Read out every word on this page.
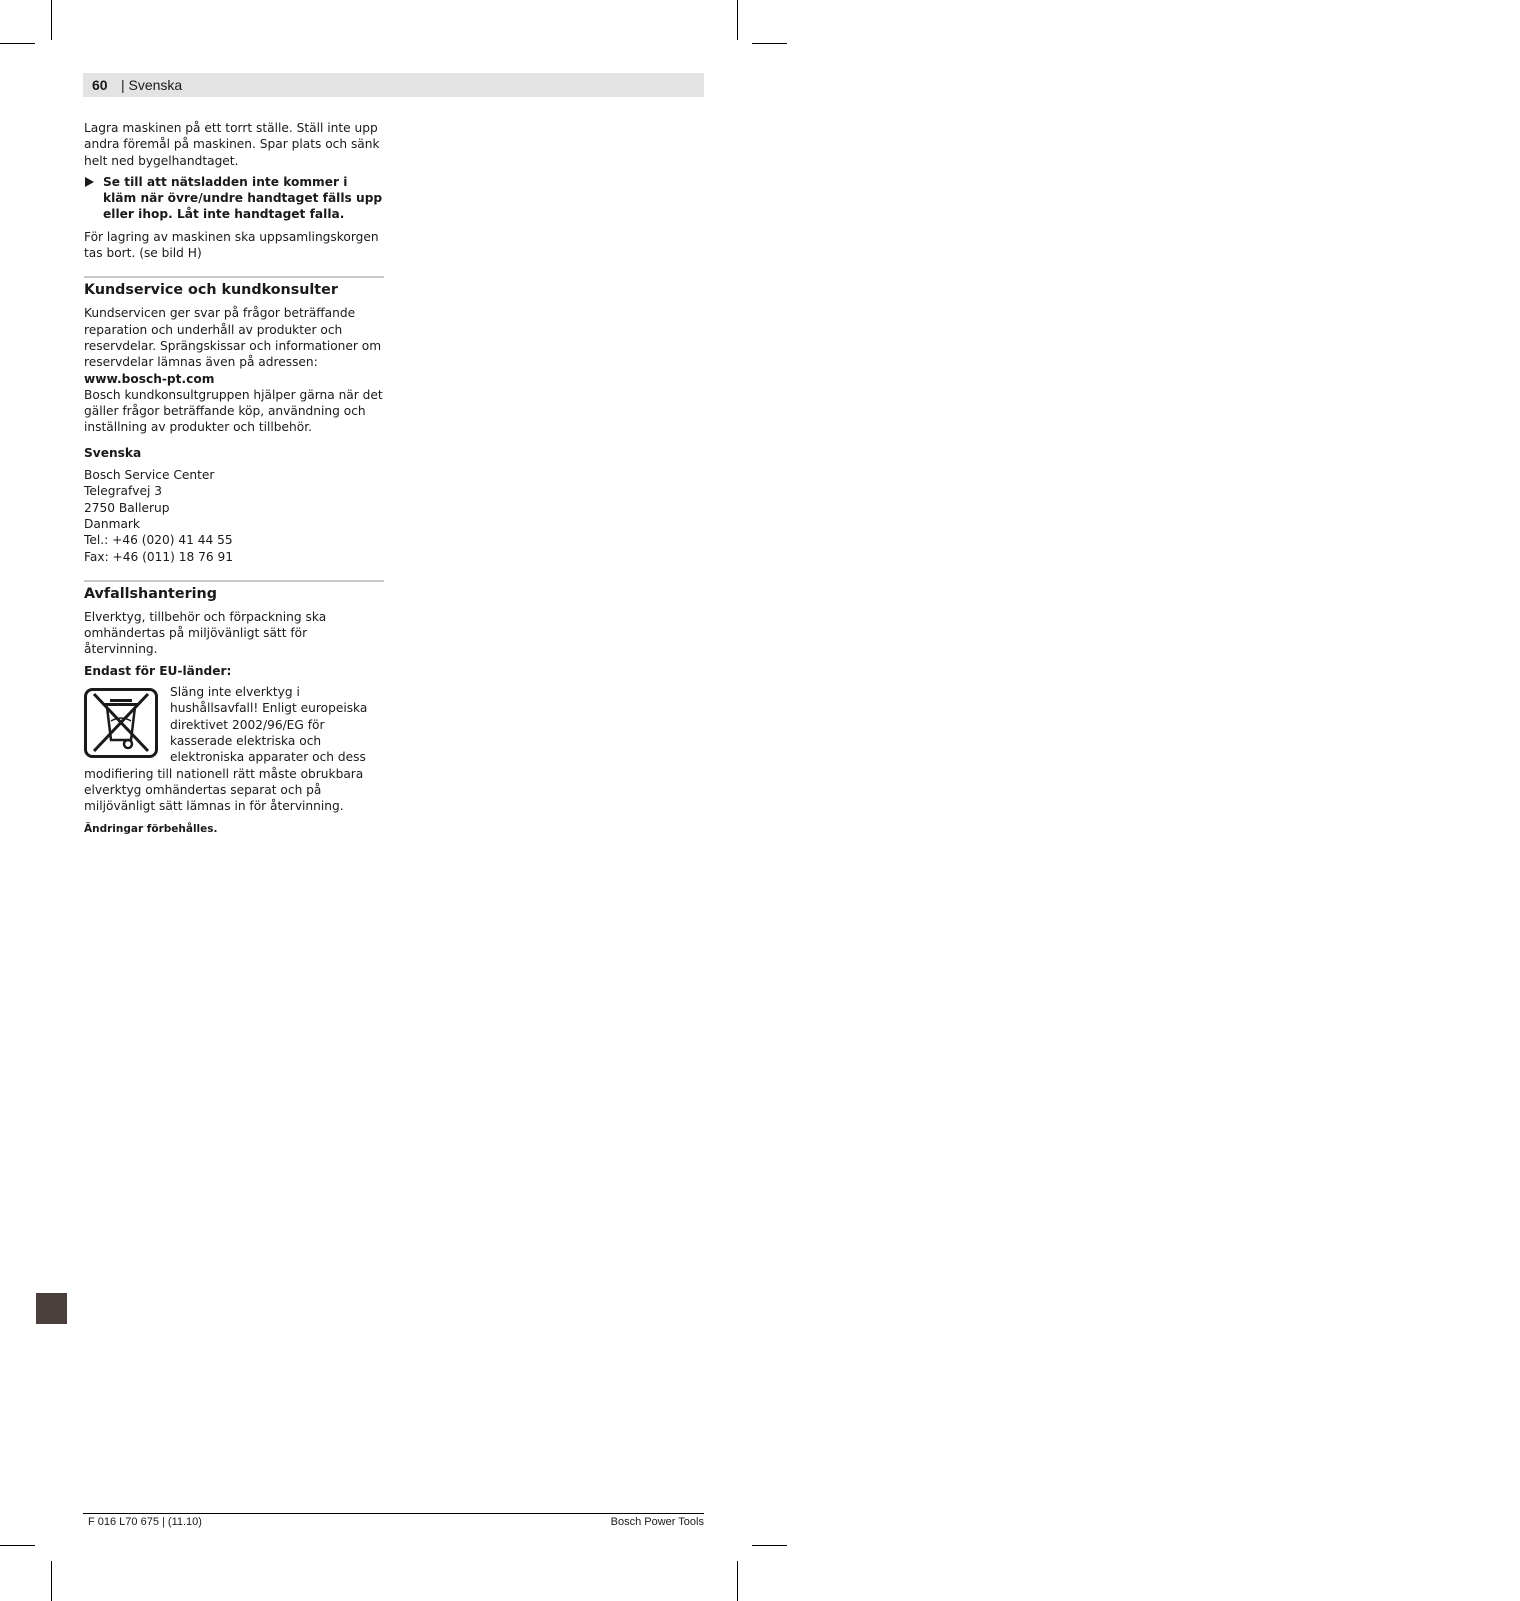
60 | Svenska

Lagra maskinen på ett torrt ställe. Ställ inte upp andra föremål på maskinen. Spar plats och sänk helt ned bygelhandtaget.

Se till att nätsladden inte kommer i kläm när övre/undre handtaget fälls upp eller ihop. Låt inte handtaget falla.

För lagring av maskinen ska uppsamlingskorgen tas bort. (se bild H)

Kundservice och kundkonsulter

Kundservicen ger svar på frågor beträffande reparation och underhåll av produkter och reservdelar. Sprängskissar och informationer om reservdelar lämnas även på adressen:

www.bosch-pt.com

Bosch kundkonsultgruppen hjälper gärna när det gäller frågor beträffande köp, användning och inställning av produkter och tillbehör.

Svenska

Bosch Service Center

Telegrafvej 3

2750 Ballerup

Danmark

Tel.: +46 (020) 41 44 55

Fax: +46 (011) 18 76 91

Avfallshantering

Elverktyg, tillbehör och förpackning ska omhändertas på miljövänligt sätt för återvinning.

Endast för EU-länder:

Släng inte elverktyg i hushållsavfall! Enligt europeiska direktivet 2002/96/EG för kasserade elektriska och elektroniska apparater och dess modifiering till nationell rätt måste obrukbara elverktyg omhändertas separat och på miljövänligt sätt lämnas in för återvinning.

Ändringar förbehålles.

F 016 L70 675 | (11.10)	Bosch Power Tools
